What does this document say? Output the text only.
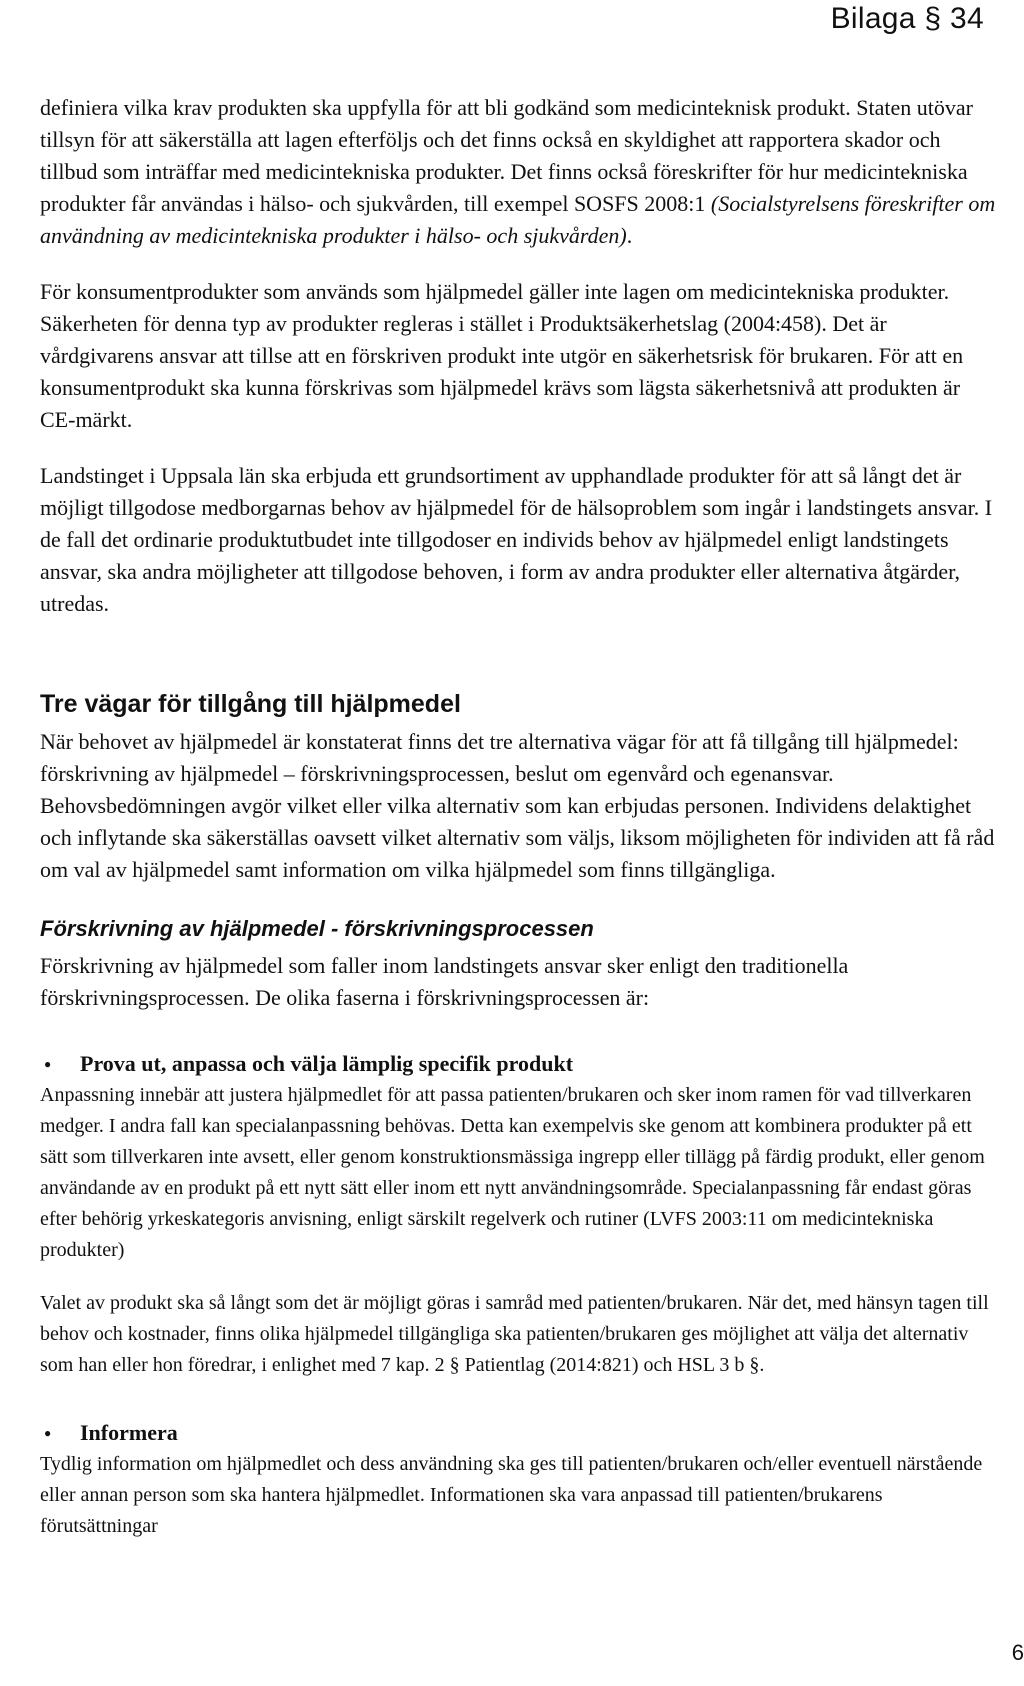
Bilaga § 34

definiera vilka krav produkten ska uppfylla för att bli godkänd som medicinteknisk produkt. Staten utövar tillsyn för att säkerställa att lagen efterföljs och det finns också en skyldighet att rapportera skador och tillbud som inträffar med medicintekniska produkter. Det finns också föreskrifter för hur medicintekniska produkter får användas i hälso- och sjukvården, till exempel SOSFS 2008:1 (Socialstyrelsens föreskrifter om användning av medicintekniska produkter i hälso- och sjukvården).

För konsumentprodukter som används som hjälpmedel gäller inte lagen om medicintekniska produkter. Säkerheten för denna typ av produkter regleras i stället i Produktsäkerhetslag (2004:458). Det är vårdgivarens ansvar att tillse att en förskriven produkt inte utgör en säkerhetsrisk för brukaren. För att en konsumentprodukt ska kunna förskrivas som hjälpmedel krävs som lägsta säkerhetsnivå att produkten är CE-märkt.

Landstinget i Uppsala län ska erbjuda ett grundsortiment av upphandlade produkter för att så långt det är möjligt tillgodose medborgarnas behov av hjälpmedel för de hälsoproblem som ingår i landstingets ansvar. I de fall det ordinarie produktutbudet inte tillgodoser en individs behov av hjälpmedel enligt landstingets ansvar, ska andra möjligheter att tillgodose behoven, i form av andra produkter eller alternativa åtgärder, utredas.

Tre vägar för tillgång till hjälpmedel

När behovet av hjälpmedel är konstaterat finns det tre alternativa vägar för att få tillgång till hjälpmedel: förskrivning av hjälpmedel – förskrivningsprocessen, beslut om egenvård och egenansvar. Behovsbedömningen avgör vilket eller vilka alternativ som kan erbjudas personen. Individens delaktighet och inflytande ska säkerställas oavsett vilket alternativ som väljs, liksom möjligheten för individen att få råd om val av hjälpmedel samt information om vilka hjälpmedel som finns tillgängliga.

Förskrivning av hjälpmedel - förskrivningsprocessen

Förskrivning av hjälpmedel som faller inom landstingets ansvar sker enligt den traditionella förskrivningsprocessen. De olika faserna i förskrivningsprocessen är:

●	Prova ut, anpassa och välja lämplig specifik produkt

Anpassning innebär att justera hjälpmedlet för att passa patienten/brukaren och sker inom ramen för vad tillverkaren medger. I andra fall kan specialanpassning behövas. Detta kan exempelvis ske genom att kombinera produkter på ett sätt som tillverkaren inte avsett, eller genom konstruktionsmässiga ingrepp eller tillägg på färdig produkt, eller genom användande av en produkt på ett nytt sätt eller inom ett nytt användningsområde. Specialanpassning får endast göras efter behörig yrkeskategoris anvisning, enligt särskilt regelverk och rutiner (LVFS 2003:11 om medicintekniska produkter)

Valet av produkt ska så långt som det är möjligt göras i samråd med patienten/brukaren. När det, med hänsyn tagen till behov och kostnader, finns olika hjälpmedel tillgängliga ska patienten/brukaren ges möjlighet att välja det alternativ som han eller hon föredrar, i enlighet med 7 kap. 2 § Patientlag (2014:821) och HSL 3 b §.

●	Informera

Tydlig information om hjälpmedlet och dess användning ska ges till patienten/brukaren och/eller eventuell närstående eller annan person som ska hantera hjälpmedlet. Informationen ska vara anpassad till patienten/brukarens förutsättningar

6
